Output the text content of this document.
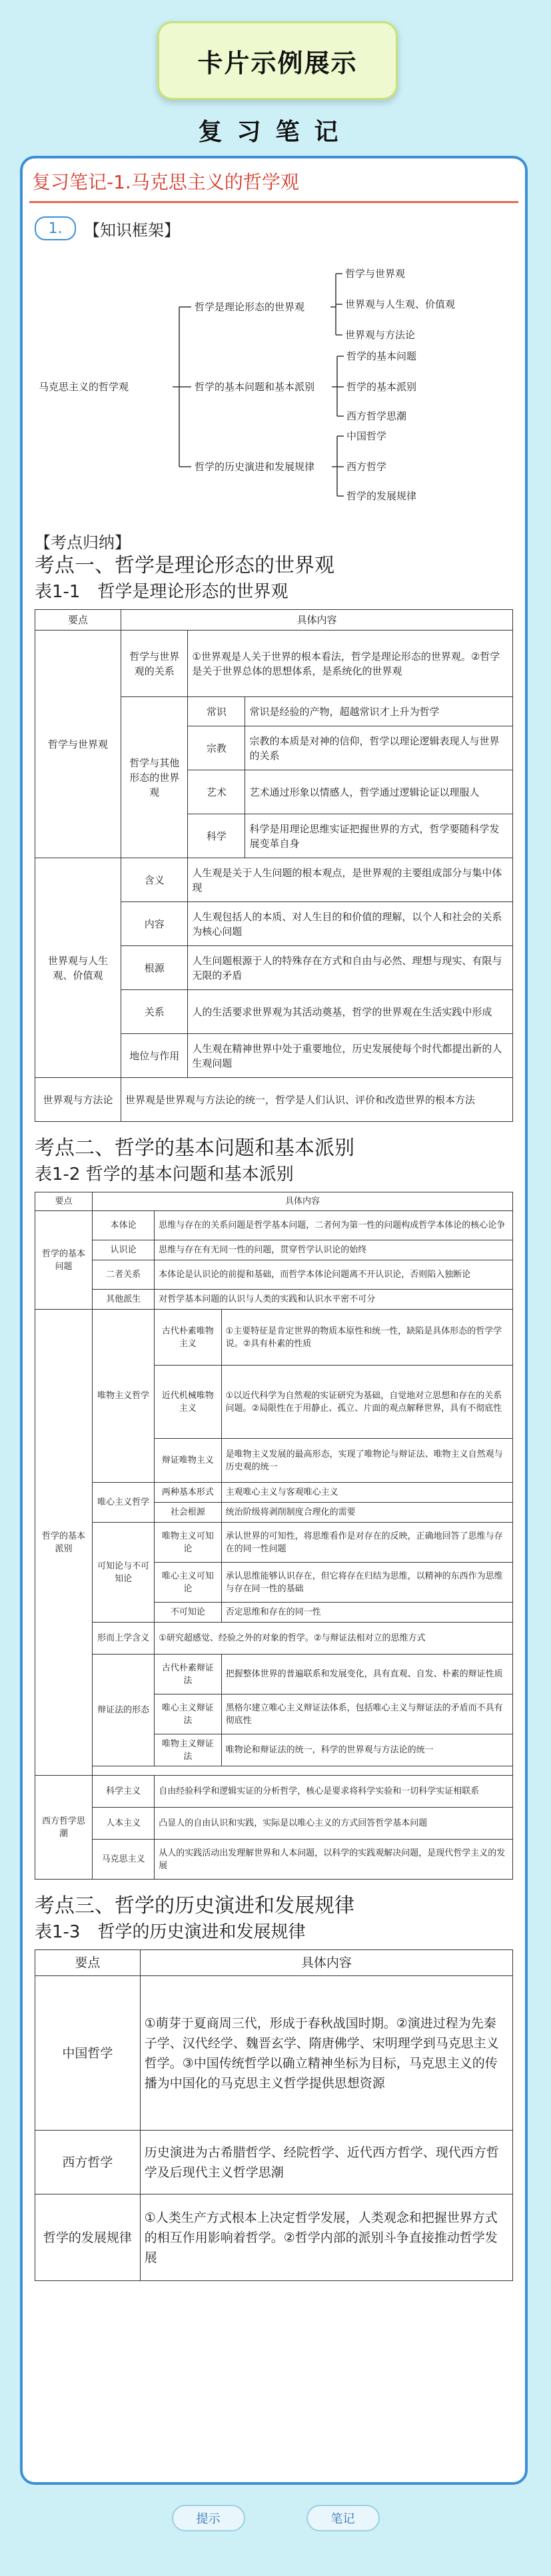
卡片示例展示
复习笔记
复习笔记-1.马克思主义的哲学观
1.	【知识框架】
马克思主义的哲学观
哲学是理论形态的世界观
哲学的基本问题和基本派别
哲学的历史演进和发展规律
哲学与世界观
世界观与人生观、价值观
世界观与方法论
哲学的基本问题
哲学的基本派别
西方哲学思潮
中国哲学
西方哲学
哲学的发展规律
【考点归纳】
考点一、哲学是理论形态的世界观
表1-1　哲学是理论形态的世界观
要点	具体内容		
哲学与世界观	哲学与世界观的关系	①世界观是人关于世界的根本看法，哲学是理论形态的世界观。②哲学是关于世界总体的思想体系，是系统化的世界观	
	哲学与其他形态的世界观	常识	常识是经验的产物，超越常识才上升为哲学
		宗教	宗教的本质是对神的信仰，哲学以理论逻辑表现人与世界的关系
		艺术	艺术通过形象以情感人，哲学通过逻辑论证以理服人
		科学	科学是用理论思维实证把握世界的方式，哲学要随科学发展变革自身
世界观与人生观、价值观	含义	人生观是关于人生问题的根本观点，是世界观的主要组成部分与集中体现	
	内容	人生观包括人的本质、对人生目的和价值的理解，以个人和社会的关系为核心问题	
	根源	人生问题根源于人的特殊存在方式和自由与必然、理想与现实、有限与无限的矛盾	
	关系	人的生活要求世界观为其活动奠基，哲学的世界观在生活实践中形成	
	地位与作用	人生观在精神世界中处于重要地位，历史发展使每个时代都提出新的人生观问题	
世界观与方法论	世界观是世界观与方法论的统一，哲学是人们认识、评价和改造世界的根本方法		
考点二、哲学的基本问题和基本派别
表1-2 哲学的基本问题和基本派别
要点	具体内容		
哲学的基本问题	本体论	思维与存在的关系问题是哲学基本问题，二者何为第一性的问题构成哲学本体论的核心论争	
	认识论	思维与存在有无同一性的问题，贯穿哲学认识论的始终	
	二者关系	本体论是认识论的前提和基础，而哲学本体论问题离不开认识论，否则陷入独断论	
	其他派生	对哲学基本问题的认识与人类的实践和认识水平密不可分	
哲学的基本派别	唯物主义哲学	古代朴素唯物主义	①主要特征是肯定世界的物质本原性和统一性，缺陷是具体形态的哲学学说。②具有朴素的性质
		近代机械唯物主义	①以近代科学为自然观的实证研究为基础，自觉地对立思想和存在的关系问题。②局限性在于用静止、孤立、片面的观点解释世界，具有不彻底性
		辩证唯物主义	是唯物主义发展的最高形态，实现了唯物论与辩证法、唯物主义自然观与历史观的统一
	唯心主义哲学	两种基本形式	主观唯心主义与客观唯心主义
		社会根源	统治阶级将剥削制度合理化的需要
	可知论与不可知论	唯物主义可知论	承认世界的可知性，将思维看作是对存在的反映，正确地回答了思维与存在的同一性问题
		唯心主义可知论	承认思维能够认识存在，但它将存在归结为思维，以精神的东西作为思维与存在同一性的基础
		不可知论	否定思维和存在的同一性
	形而上学含义	①研究超感觉、经验之外的对象的哲学。②与辩证法相对立的思维方式	
	辩证法的形态	古代朴素辩证法	把握整体世界的普遍联系和发展变化，具有直观、自发、朴素的辩证性质
		唯心主义辩证法	黑格尔建立唯心主义辩证法体系，包括唯心主义与辩证法的矛盾而不具有彻底性
		唯物主义辩证法	唯物论和辩证法的统一，科学的世界观与方法论的统一

西方哲学思潮	科学主义	自由经验科学和逻辑实证的分析哲学，核心是要求将科学实验和一切科学实证相联系	
	人本主义	凸显人的自由认识和实践，实际是以唯心主义的方式回答哲学基本问题	
	马克思主义	从人的实践活动出发理解世界和人本问题，以科学的实践观解决问题，是现代哲学主义的发展	
考点三、哲学的历史演进和发展规律
表1-3　哲学的历史演进和发展规律
要点	具体内容
中国哲学	①萌芽于夏商周三代，形成于春秋战国时期。②演进过程为先秦子学、汉代经学、魏晋玄学、隋唐佛学、宋明理学到马克思主义哲学。③中国传统哲学以确立精神坐标为目标，马克思主义的传播为中国化的马克思主义哲学提供思想资源
西方哲学	历史演进为古希腊哲学、经院哲学、近代西方哲学、现代西方哲学及后现代主义哲学思潮
哲学的发展规律	①人类生产方式根本上决定哲学发展，人类观念和把握世界方式的相互作用影响着哲学。②哲学内部的派别斗争直接推动哲学发展
提示	笔记
